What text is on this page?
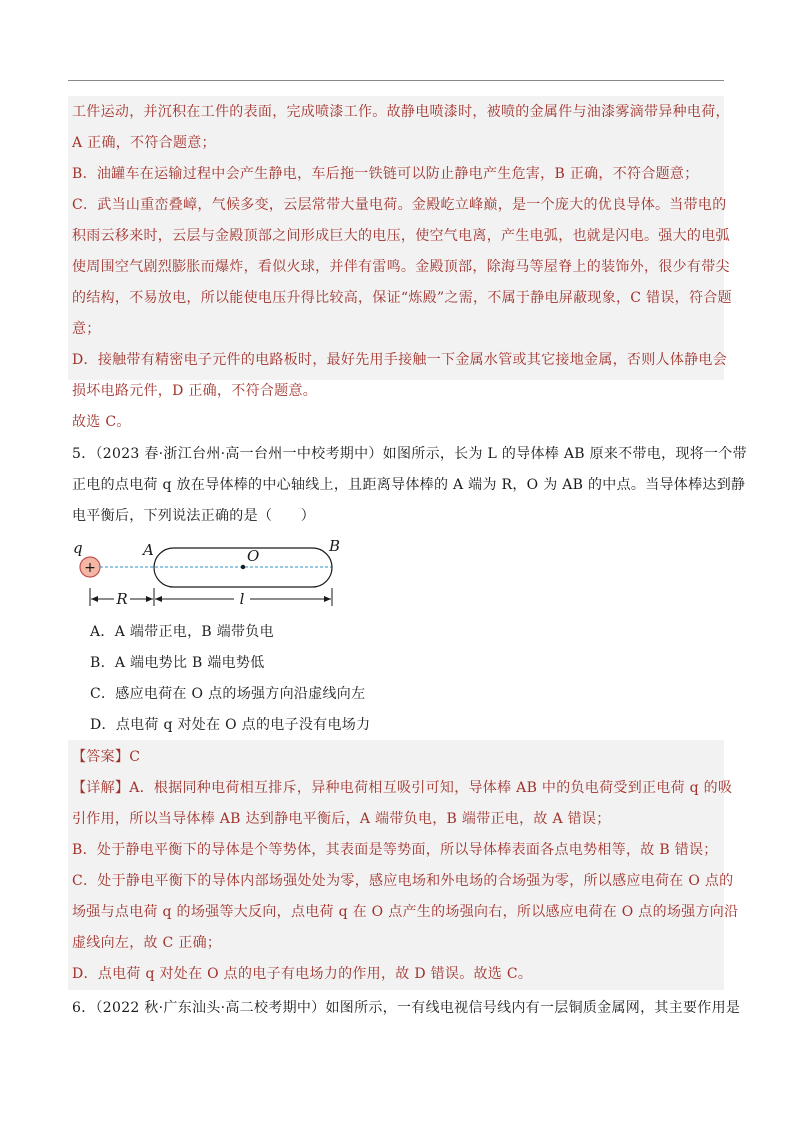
工件运动，并沉积在工件的表面，完成喷漆工作。故静电喷漆时，被喷的金属件与油漆雾滴带异种电荷，
A 正确，不符合题意；
B．油罐车在运输过程中会产生静电，车后拖一铁链可以防止静电产生危害，B 正确，不符合题意；
C．武当山重峦叠嶂，气候多变，云层常带大量电荷。金殿屹立峰巅，是一个庞大的优良导体。当带电的
积雨云移来时，云层与金殿顶部之间形成巨大的电压，使空气电离，产生电弧，也就是闪电。强大的电弧
使周围空气剧烈膨胀而爆炸，看似火球，并伴有雷鸣。金殿顶部，除海马等屋脊上的装饰外，很少有带尖
的结构，不易放电，所以能使电压升得比较高，保证“炼殿”之需，不属于静电屏蔽现象，C 错误，符合题
意；
D．接触带有精密电子元件的电路板时，最好先用手接触一下金属水管或其它接地金属，否则人体静电会
损坏电路元件，D 正确，不符合题意。
故选 C。
5．（2023 春·浙江台州·高一台州一中校考期中）如图所示，长为 L 的导体棒 AB 原来不带电，现将一个带
正电的点电荷 q 放在导体棒的中心轴线上，且距离导体棒的 A 端为 R，O 为 AB 的中点。当导体棒达到静
电平衡后，下列说法正确的是（　　）
q
+
A	O
B
R	l
A．A 端带正电，B 端带负电
B．A 端电势比 B 端电势低
C．感应电荷在 O 点的场强方向沿虚线向左
D．点电荷 q 对处在 O 点的电子没有电场力
【答案】C
【详解】A．根据同种电荷相互排斥，异种电荷相互吸引可知，导体棒 AB 中的负电荷受到正电荷 q 的吸
引作用，所以当导体棒 AB 达到静电平衡后，A 端带负电，B 端带正电，故 A 错误；
B．处于静电平衡下的导体是个等势体，其表面是等势面，所以导体棒表面各点电势相等，故 B 错误；
C．处于静电平衡下的导体内部场强处处为零，感应电场和外电场的合场强为零，所以感应电荷在 O 点的
场强与点电荷 q 的场强等大反向，点电荷 q 在 O 点产生的场强向右，所以感应电荷在 O 点的场强方向沿
虚线向左，故 C 正确；
D．点电荷 q 对处在 O 点的电子有电场力的作用，故 D 错误。故选 C。
6．（2022 秋·广东汕头·高二校考期中）如图所示，一有线电视信号线内有一层铜质金属网，其主要作用是
